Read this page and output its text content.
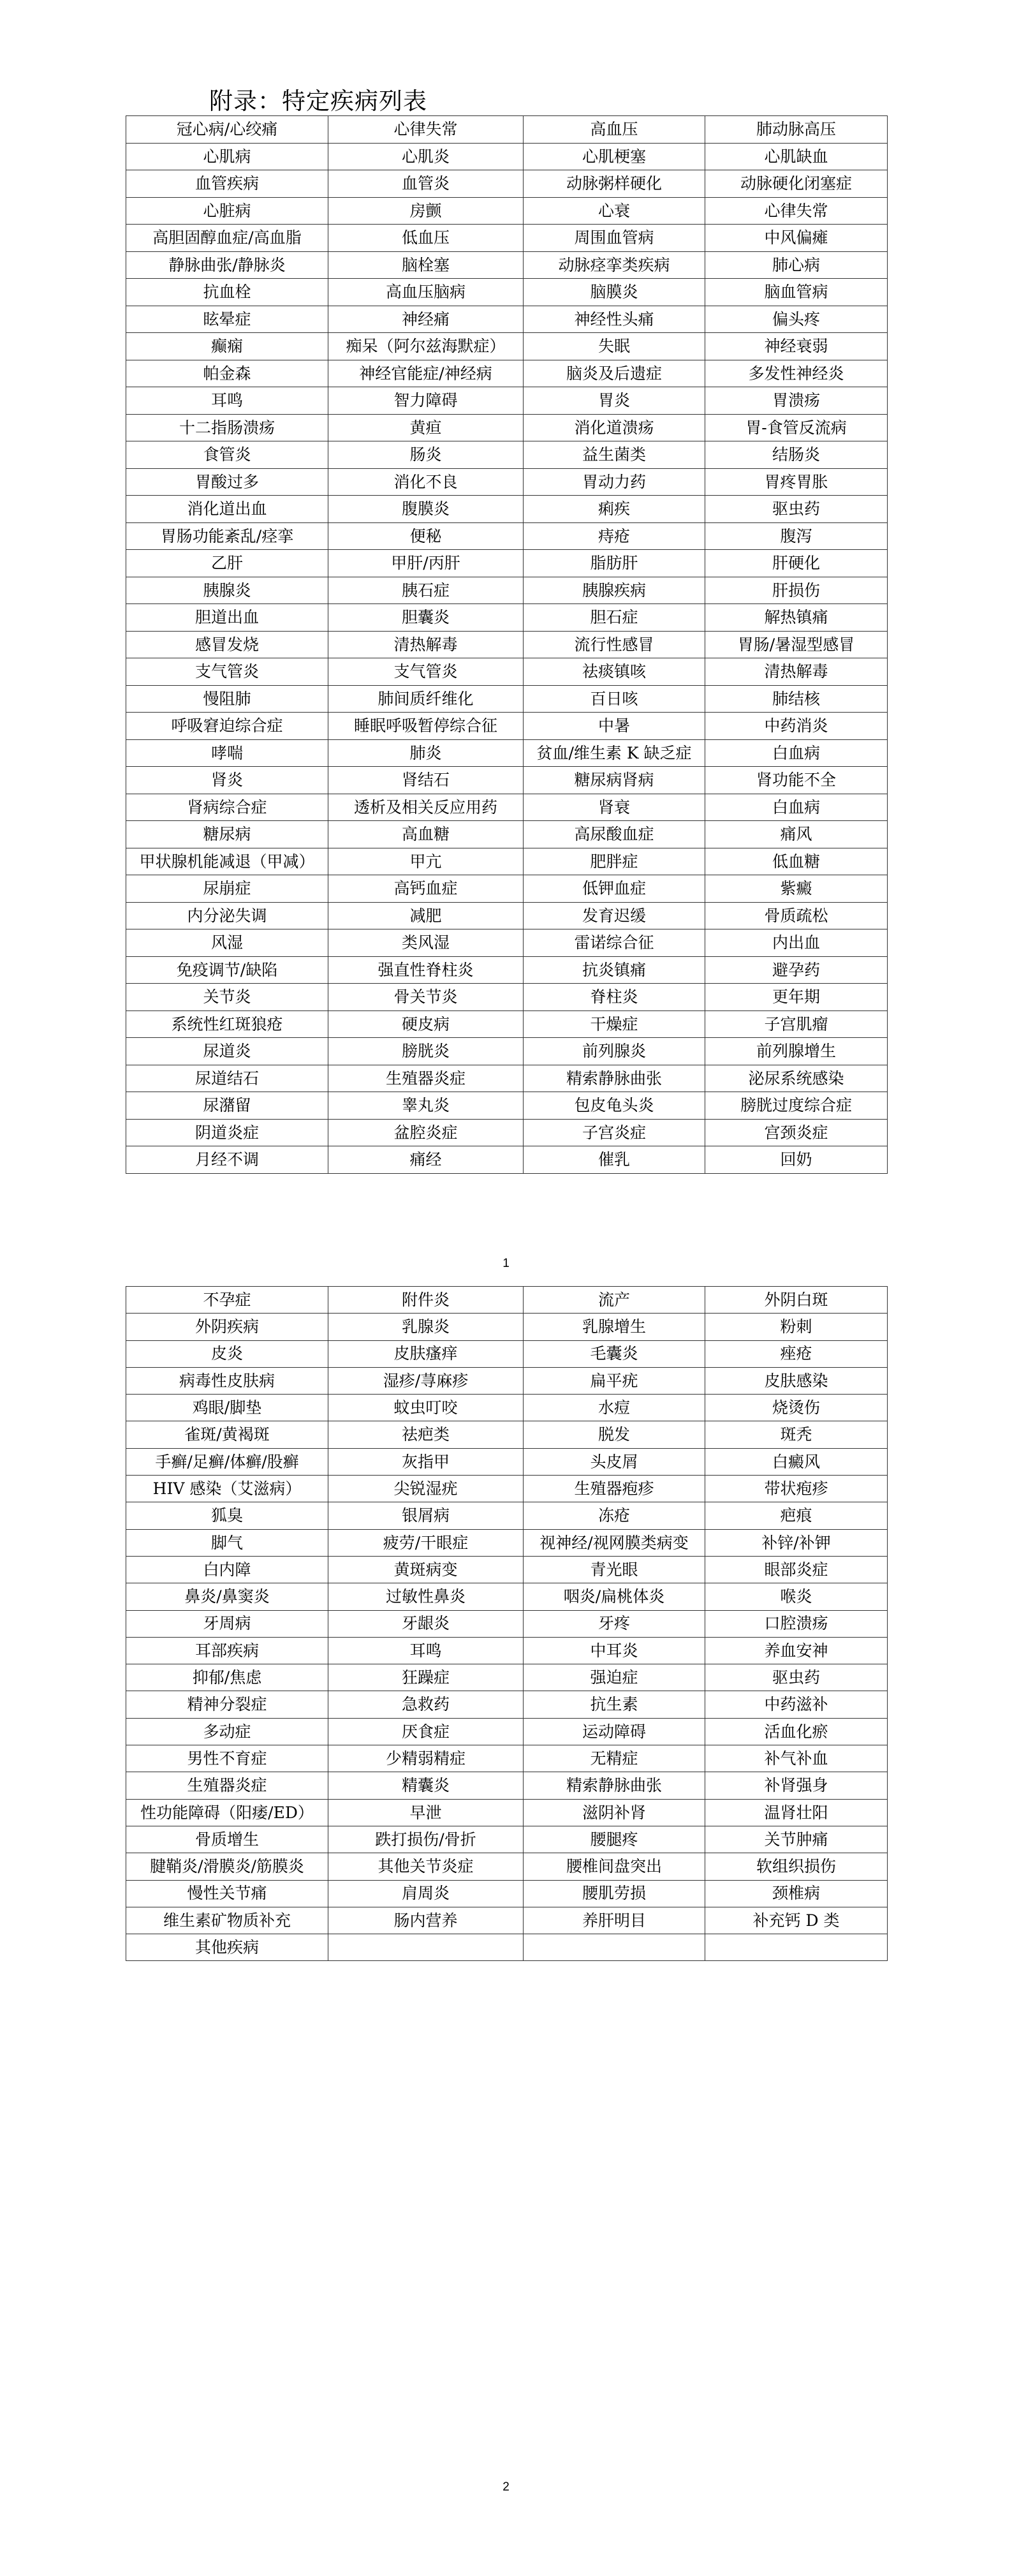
附录：特定疾病列表
冠心病/心绞痛	心律失常	高血压	肺动脉高压
心肌病	心肌炎	心肌梗塞	心肌缺血
血管疾病	血管炎	动脉粥样硬化	动脉硬化闭塞症
心脏病	房颤	心衰	心律失常
高胆固醇血症/高血脂	低血压	周围血管病	中风偏瘫
静脉曲张/静脉炎	脑栓塞	动脉痉挛类疾病	肺心病
抗血栓	高血压脑病	脑膜炎	脑血管病
眩晕症	神经痛	神经性头痛	偏头疼
癫痫	痴呆（阿尔兹海默症）	失眠	神经衰弱
帕金森	神经官能症/神经病	脑炎及后遗症	多发性神经炎
耳鸣	智力障碍	胃炎	胃溃疡
十二指肠溃疡	黄疸	消化道溃疡	胃-食管反流病
食管炎	肠炎	益生菌类	结肠炎
胃酸过多	消化不良	胃动力药	胃疼胃胀
消化道出血	腹膜炎	痢疾	驱虫药
胃肠功能紊乱/痉挛	便秘	痔疮	腹泻
乙肝	甲肝/丙肝	脂肪肝	肝硬化
胰腺炎	胰石症	胰腺疾病	肝损伤
胆道出血	胆囊炎	胆石症	解热镇痛
感冒发烧	清热解毒	流行性感冒	胃肠/暑湿型感冒
支气管炎	支气管炎	祛痰镇咳	清热解毒
慢阻肺	肺间质纤维化	百日咳	肺结核
呼吸窘迫综合症	睡眠呼吸暂停综合征	中暑	中药消炎
哮喘	肺炎	贫血/维生素 K 缺乏症	白血病
肾炎	肾结石	糖尿病肾病	肾功能不全
肾病综合症	透析及相关反应用药	肾衰	白血病
糖尿病	高血糖	高尿酸血症	痛风
甲状腺机能减退（甲减）	甲亢	肥胖症	低血糖
尿崩症	高钙血症	低钾血症	紫癜
内分泌失调	减肥	发育迟缓	骨质疏松
风湿	类风湿	雷诺综合征	内出血
免疫调节/缺陷	强直性脊柱炎	抗炎镇痛	避孕药
关节炎	骨关节炎	脊柱炎	更年期
系统性红斑狼疮	硬皮病	干燥症	子宫肌瘤
尿道炎	膀胱炎	前列腺炎	前列腺增生
尿道结石	生殖器炎症	精索静脉曲张	泌尿系统感染
尿潴留	睾丸炎	包皮龟头炎	膀胱过度综合症
阴道炎症	盆腔炎症	子宫炎症	宫颈炎症
月经不调	痛经	催乳	回奶
1
不孕症	附件炎	流产	外阴白斑
外阴疾病	乳腺炎	乳腺增生	粉刺
皮炎	皮肤瘙痒	毛囊炎	痤疮
病毒性皮肤病	湿疹/荨麻疹	扁平疣	皮肤感染
鸡眼/脚垫	蚊虫叮咬	水痘	烧烫伤
雀斑/黄褐斑	祛疤类	脱发	斑秃
手癣/足癣/体癣/股癣	灰指甲	头皮屑	白癜风
HIV 感染（艾滋病）	尖锐湿疣	生殖器疱疹	带状疱疹
狐臭	银屑病	冻疮	疤痕
脚气	疲劳/干眼症	视神经/视网膜类病变	补锌/补钾
白内障	黄斑病变	青光眼	眼部炎症
鼻炎/鼻窦炎	过敏性鼻炎	咽炎/扁桃体炎	喉炎
牙周病	牙龈炎	牙疼	口腔溃疡
耳部疾病	耳鸣	中耳炎	养血安神
抑郁/焦虑	狂躁症	强迫症	驱虫药
精神分裂症	急救药	抗生素	中药滋补
多动症	厌食症	运动障碍	活血化瘀
男性不育症	少精弱精症	无精症	补气补血
生殖器炎症	精囊炎	精索静脉曲张	补肾强身
性功能障碍（阳痿/ED）	早泄	滋阴补肾	温肾壮阳
骨质增生	跌打损伤/骨折	腰腿疼	关节肿痛
腱鞘炎/滑膜炎/筋膜炎	其他关节炎症	腰椎间盘突出	软组织损伤
慢性关节痛	肩周炎	腰肌劳损	颈椎病
维生素矿物质补充	肠内营养	养肝明目	补充钙 D 类
其他疾病			
2
